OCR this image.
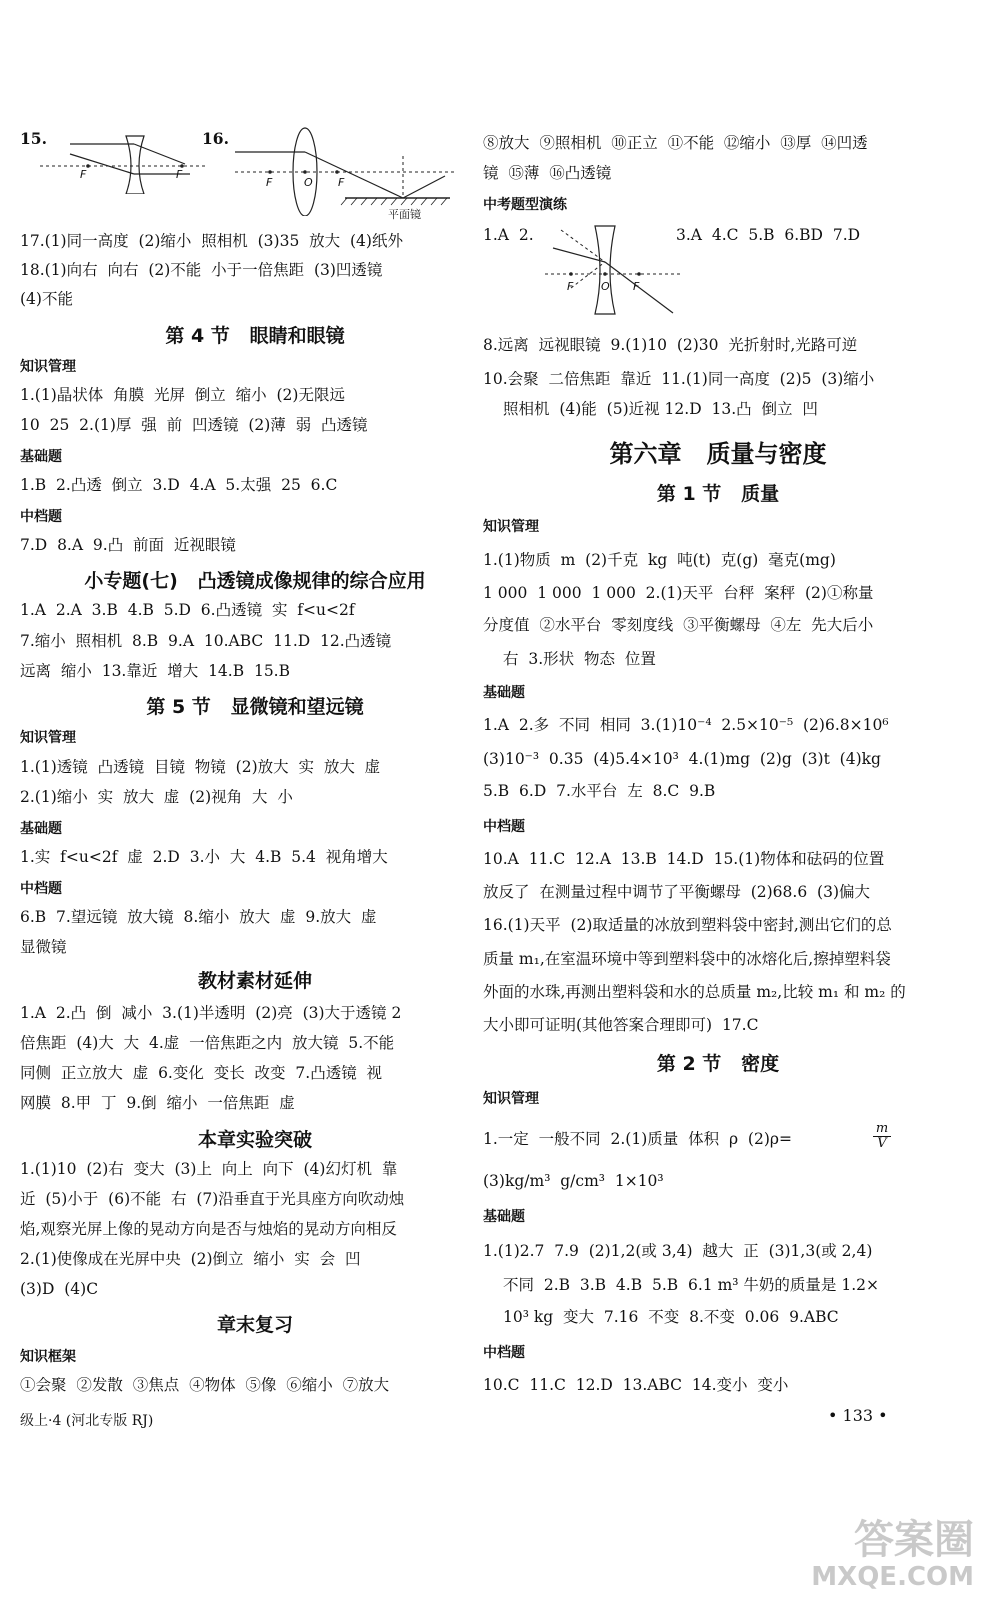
15.
F	F
16.
F	O F
平面镜
17.(1)同一高度  (2)缩小  照相机  (3)35  放大  (4)纸外
18.(1)向右  向右  (2)不能  小于一倍焦距  (3)凹透镜
(4)不能
第 4 节   眼睛和眼镜
知识管理
1.(1)晶状体  角膜  光屏  倒立  缩小  (2)无限远
10  25  2.(1)厚  强  前  凹透镜  (2)薄  弱  凸透镜
基础题
1.B  2.凸透  倒立  3.D  4.A  5.太强  25  6.C
中档题
7.D  8.A  9.凸  前面  近视眼镜
小专题(七)   凸透镜成像规律的综合应用
1.A  2.A  3.B  4.B  5.D  6.凸透镜  实  f<u<2f
7.缩小  照相机  8.B  9.A  10.ABC  11.D  12.凸透镜
远离  缩小  13.靠近  增大  14.B  15.B
第 5 节   显微镜和望远镜
知识管理
1.(1)透镜  凸透镜  目镜  物镜  (2)放大  实  放大  虚
2.(1)缩小  实  放大  虚  (2)视角  大  小
基础题
1.实  f<u<2f  虚  2.D  3.小  大  4.B  5.4  视角增大
中档题
6.B  7.望远镜  放大镜  8.缩小  放大  虚  9.放大  虚
显微镜
教材素材延伸
1.A  2.凸  倒  减小  3.(1)半透明  (2)亮  (3)大于透镜 2
倍焦距  (4)大  大  4.虚  一倍焦距之内  放大镜  5.不能
同侧  正立放大  虚  6.变化  变长  改变  7.凸透镜  视
网膜  8.甲  丁  9.倒  缩小  一倍焦距  虚
本章实验突破
1.(1)10  (2)右  变大  (3)上  向上  向下  (4)幻灯机  靠
近  (5)小于  (6)不能  右  (7)沿垂直于光具座方向吹动烛
焰,观察光屏上像的晃动方向是否与烛焰的晃动方向相反
2.(1)使像成在光屏中央  (2)倒立  缩小  实  会  凹
(3)D  (4)C
章末复习
知识框架
①会聚  ②发散  ③焦点  ④物体  ⑤像  ⑥缩小  ⑦放大
级上·4 (河北专版 RJ)
⑧放大  ⑨照相机  ⑩正立  ⑪不能  ⑫缩小  ⑬厚  ⑭凹透
镜  ⑮薄  ⑯凸透镜
中考题型演练
1.A  2.
F	O F
3.A  4.C  5.B  6.BD  7.D
8.远离  远视眼镜  9.(1)10  (2)30  光折射时,光路可逆
10.会聚  二倍焦距  靠近  11.(1)同一高度  (2)5  (3)缩小
照相机  (4)能  (5)近视 12.D  13.凸  倒立  凹
第六章   质量与密度
第 1 节   质量
知识管理
1.(1)物质  m  (2)千克  kg  吨(t)  克(g)  毫克(mg)
1 000  1 000  1 000  2.(1)天平  台秤  案秤  (2)①称量
分度值  ②水平台  零刻度线  ③平衡螺母  ④左  先大后小
右  3.形状  物态  位置
基础题
1.A  2.多  不同  相同  3.(1)10⁻⁴  2.5×10⁻⁵  (2)6.8×10⁶
(3)10⁻³  0.35  (4)5.4×10³  4.(1)mg  (2)g  (3)t  (4)kg
5.B  6.D  7.水平台  左  8.C  9.B
中档题
10.A  11.C  12.A  13.B  14.D  15.(1)物体和砝码的位置
放反了  在测量过程中调节了平衡螺母  (2)68.6  (3)偏大
16.(1)天平  (2)取适量的冰放到塑料袋中密封,测出它们的总
质量 m₁,在室温环境中等到塑料袋中的冰熔化后,擦掉塑料袋
外面的水珠,再测出塑料袋和水的总质量 m₂,比较 m₁ 和 m₂ 的
大小即可证明(其他答案合理即可)  17.C
第 2 节   密度
知识管理
1.一定  一般不同  2.(1)质量  体积  ρ  (2)ρ=	$\frac{m}{V}$
(3)kg/m³  g/cm³  1×10³
基础题
1.(1)2.7  7.9  (2)1,2(或 3,4)  越大  正  (3)1,3(或 2,4)
不同  2.B  3.B  4.B  5.B  6.1 m³ 牛奶的质量是 1.2×
10³ kg  变大  7.16  不变  8.不变  0.06  9.ABC
中档题
10.C  11.C  12.D  13.ABC  14.变小  变小
• 133 •
答案圈
MXQE.COM
